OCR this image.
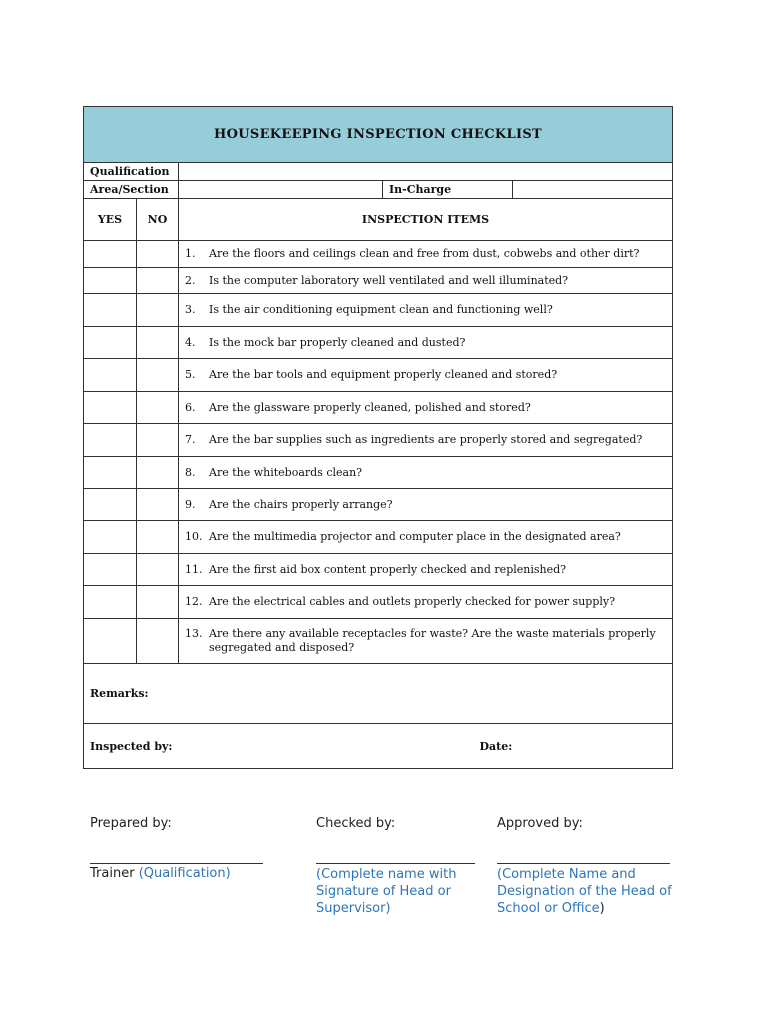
HOUSEKEEPING INSPECTION CHECKLIST				
Qualification				
Area/Section			In-Charge	
YES	NO	INSPECTION ITEMS		

		1. Are the floors and ceilings clean and free from dust, cobwebs and other dirt?		

		2. Is the computer laboratory well ventilated and well illuminated?		

		3. Is the air conditioning equipment clean and functioning well?		

		4. Is the mock bar properly cleaned and dusted?		

		5. Are the bar tools and equipment properly cleaned and stored?		

		6. Are the glassware properly cleaned, polished and stored?		

		7. Are the bar supplies such as ingredients are properly stored and segregated?		

		8. Are the whiteboards clean?		

		9. Are the chairs properly arrange?		

		10. Are the multimedia projector and computer place in the designated area?		

		11. Are the first aid box content properly checked and replenished?		

		12. Are the electrical cables and outlets properly checked for power supply?		

		13. Are there any available receptacles for waste? Are the waste materials properly segregated and disposed?		

Remarks:				
Inspected by: Date:				
Prepared by:
Trainer (Qualification)
Checked by:
(Complete name with
Signature of Head or
Supervisor)
Approved by:
(Complete Name and
Designation of the Head of
School or Office)
